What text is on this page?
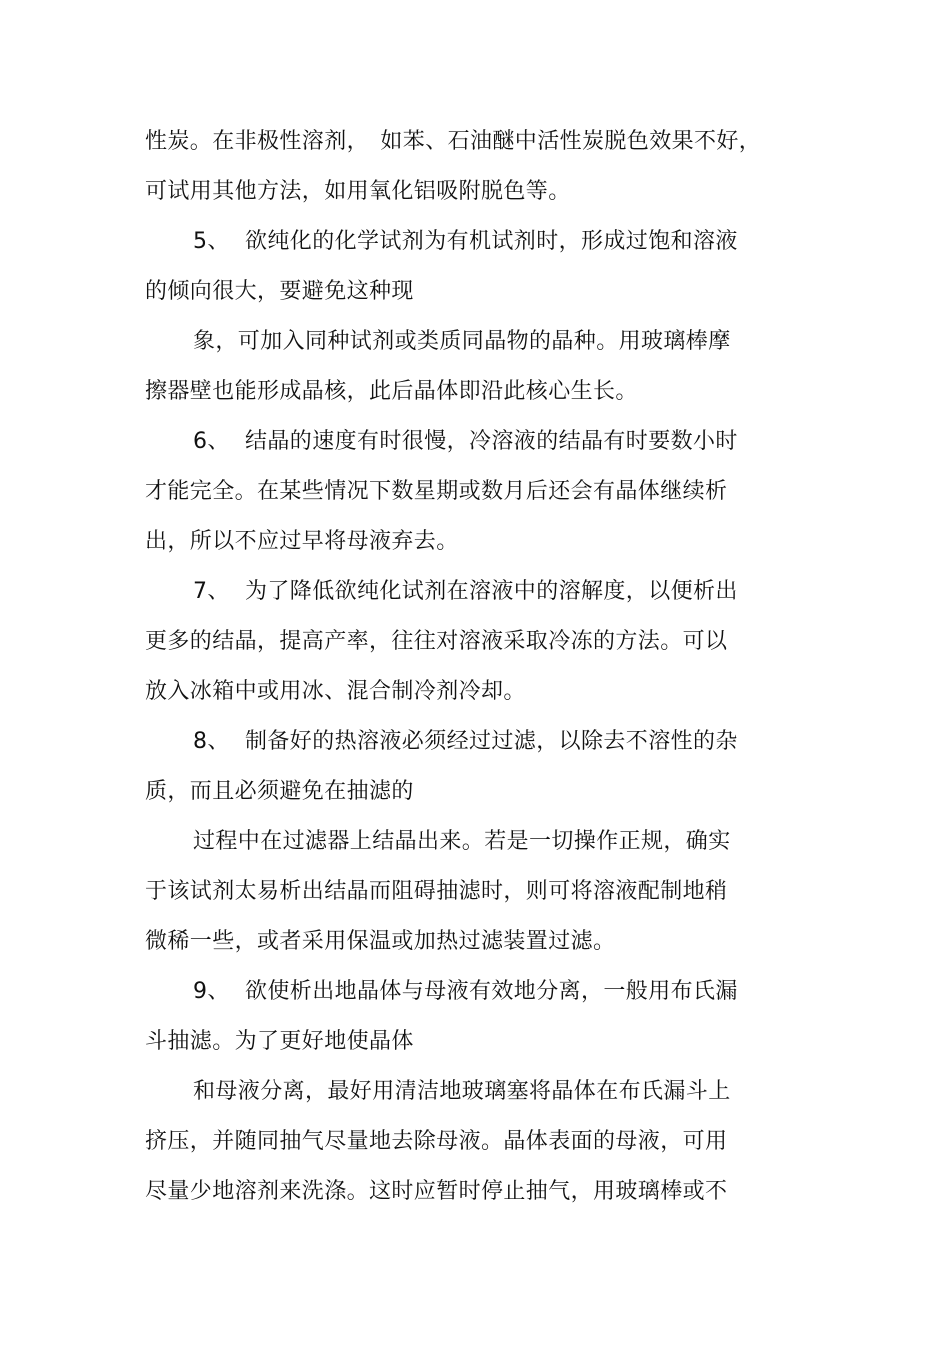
性炭。在非极性溶剂，　如苯、石油醚中活性炭脱色效果不好，
可试用其他方法，如用氧化铝吸附脱色等。
5、 欲纯化的化学试剂为有机试剂时，形成过饱和溶液
的倾向很大，要避免这种现
象，可加入同种试剂或类质同晶物的晶种。用玻璃棒摩
擦器壁也能形成晶核，此后晶体即沿此核心生长。
6、 结晶的速度有时很慢，冷溶液的结晶有时要数小时
才能完全。在某些情况下数星期或数月后还会有晶体继续析
出，所以不应过早将母液弃去。
7、 为了降低欲纯化试剂在溶液中的溶解度，以便析出
更多的结晶，提高产率，往往对溶液采取冷冻的方法。可以
放入冰箱中或用冰、混合制冷剂冷却。
8、 制备好的热溶液必须经过过滤，以除去不溶性的杂
质，而且必须避免在抽滤的
过程中在过滤器上结晶出来。若是一切操作正规，确实
于该试剂太易析出结晶而阻碍抽滤时，则可将溶液配制地稍
微稀一些，或者采用保温或加热过滤装置过滤。
9、 欲使析出地晶体与母液有效地分离，一般用布氏漏
斗抽滤。为了更好地使晶体
和母液分离，最好用清洁地玻璃塞将晶体在布氏漏斗上
挤压，并随同抽气尽量地去除母液。晶体表面的母液，可用
尽量少地溶剂来洗涤。这时应暂时停止抽气，用玻璃棒或不
